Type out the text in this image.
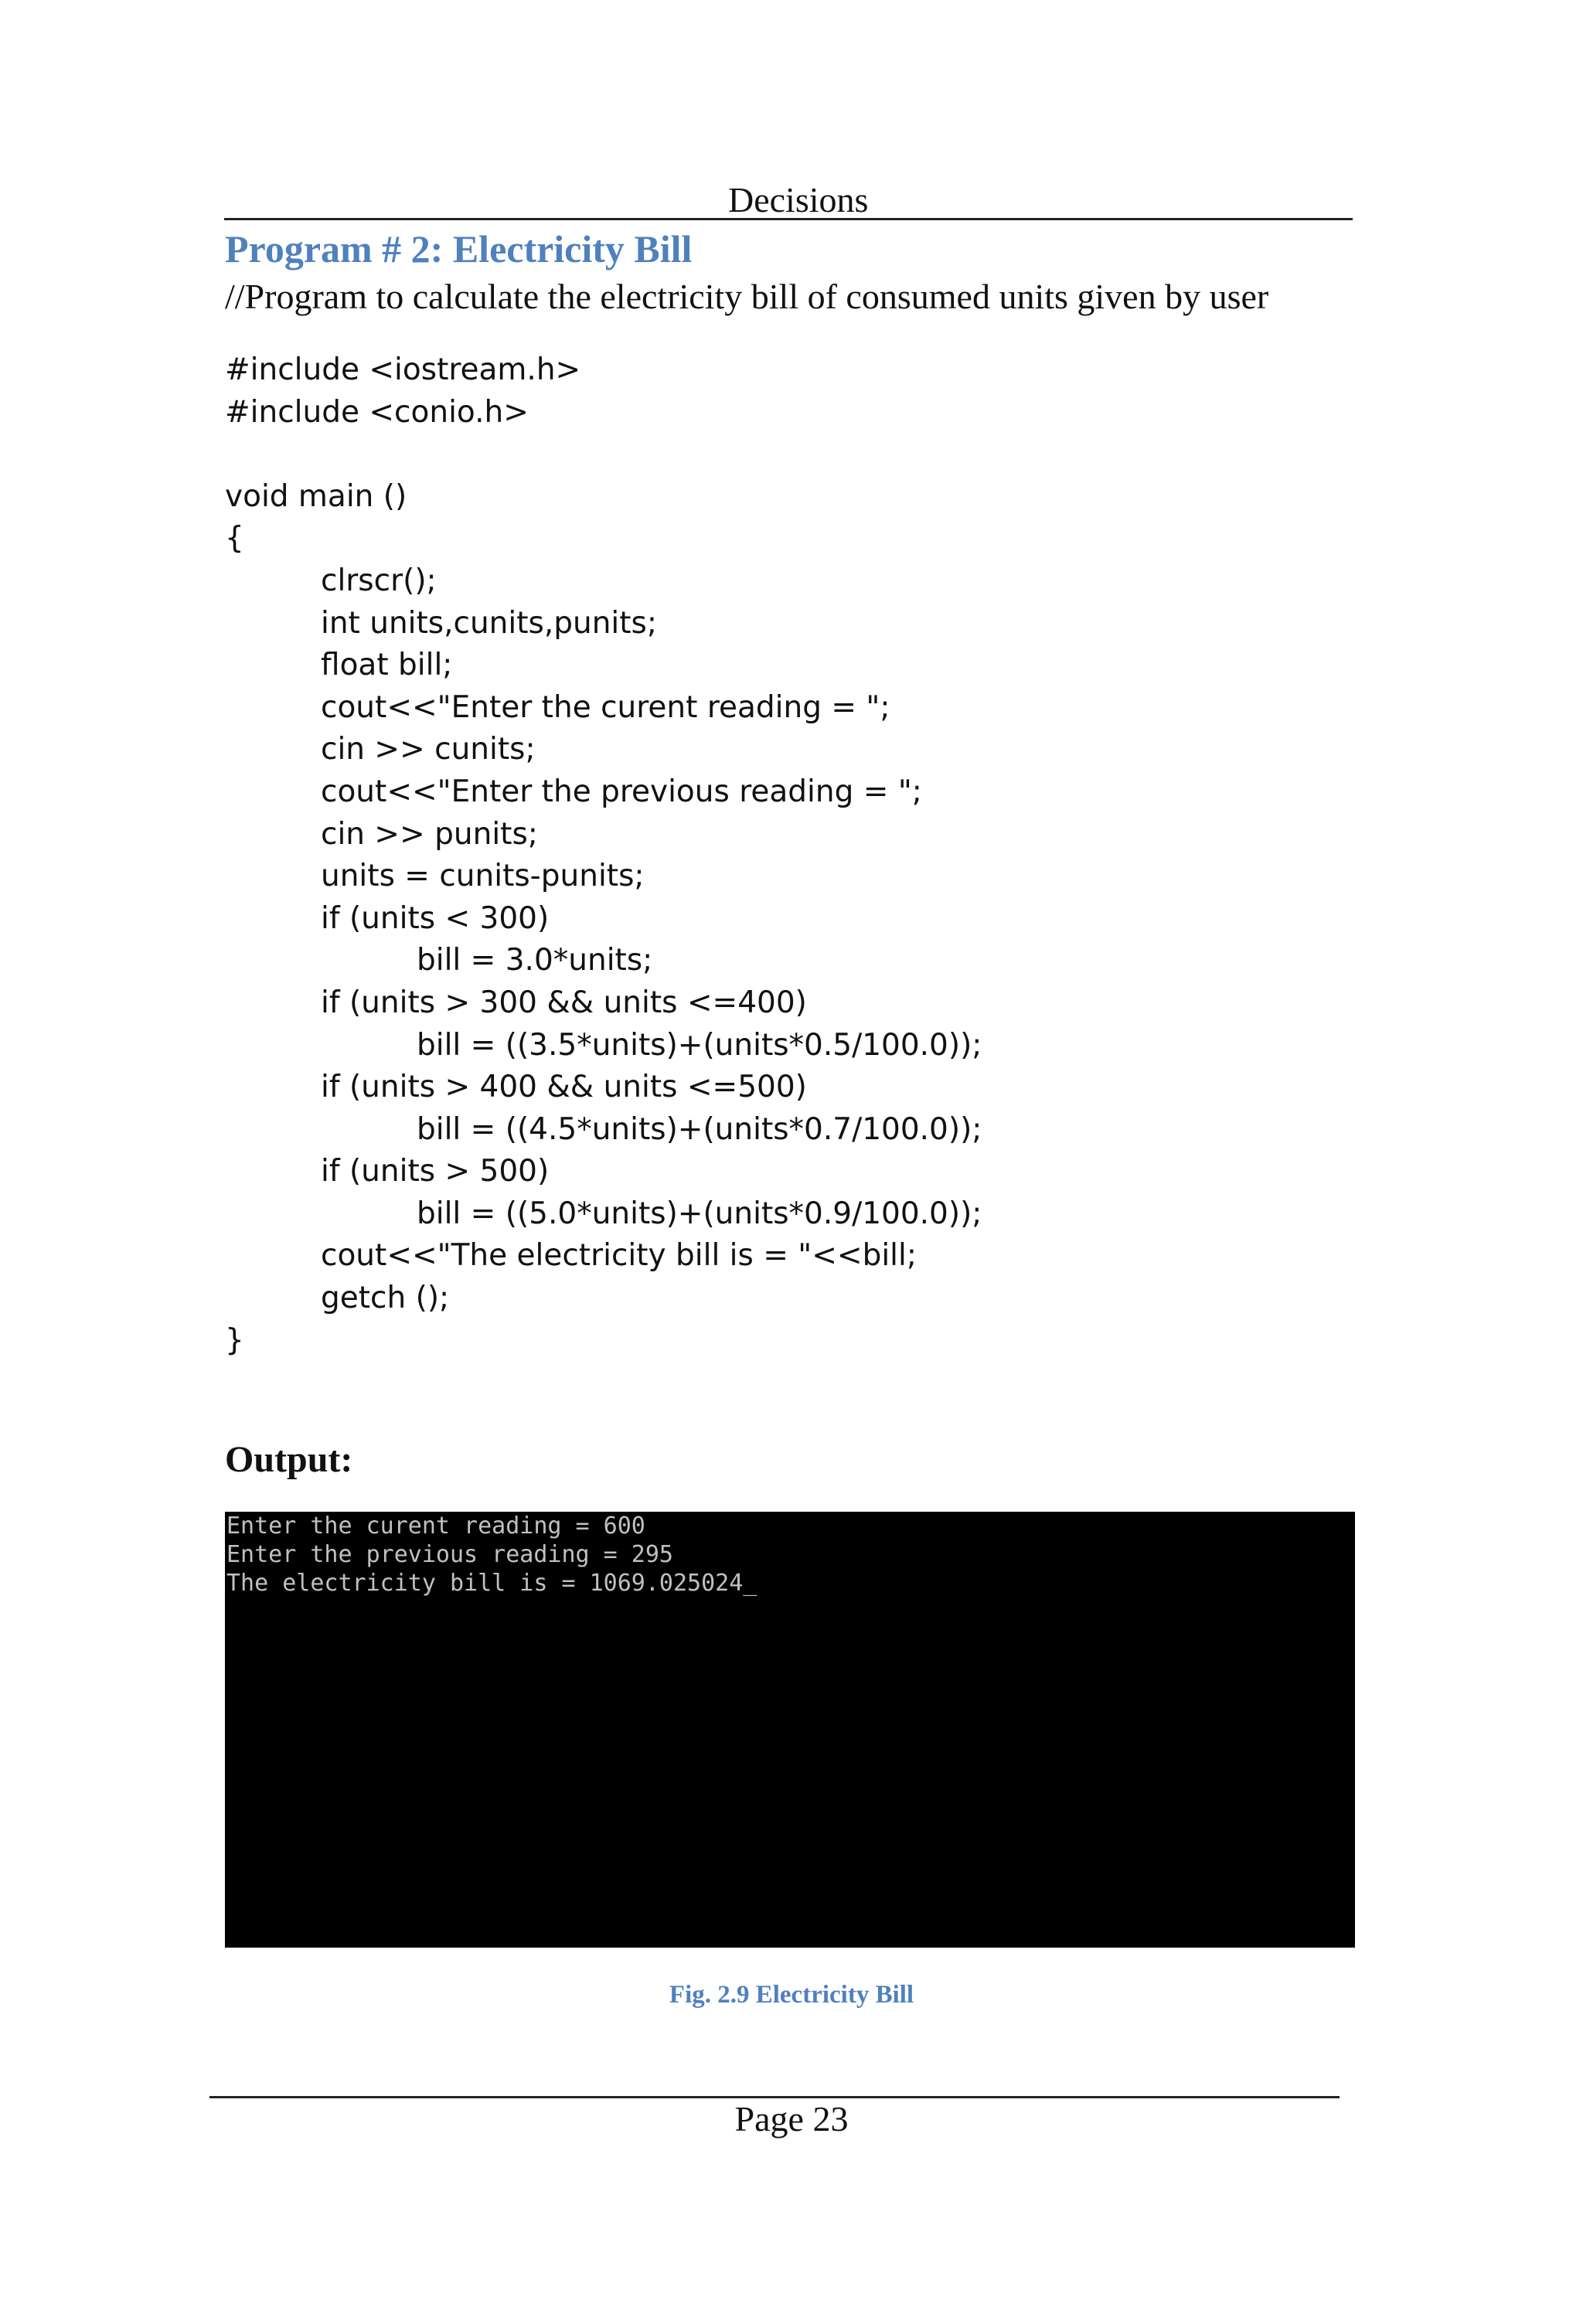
Decisions
Program # 2: Electricity Bill
//Program to calculate the electricity bill of consumed units given by user
#include <iostream.h>
#include <conio.h>
void main ()
{
clrscr();
int units,cunits,punits;
float bill;
cout<<"Enter the curent reading = ";
cin >> cunits;
cout<<"Enter the previous reading = ";
cin >> punits;
units = cunits-punits;
if (units < 300)
bill = 3.0*units;
if (units > 300 && units <=400)
bill = ((3.5*units)+(units*0.5/100.0));
if (units > 400 && units <=500)
bill = ((4.5*units)+(units*0.7/100.0));
if (units > 500)
bill = ((5.0*units)+(units*0.9/100.0));
cout<<"The electricity bill is = "<<bill;
getch ();
}
Output:
Enter the curent reading = 600
Enter the previous reading = 295
The electricity bill is = 1069.025024_
Fig. 2.9 Electricity Bill
Page 23
